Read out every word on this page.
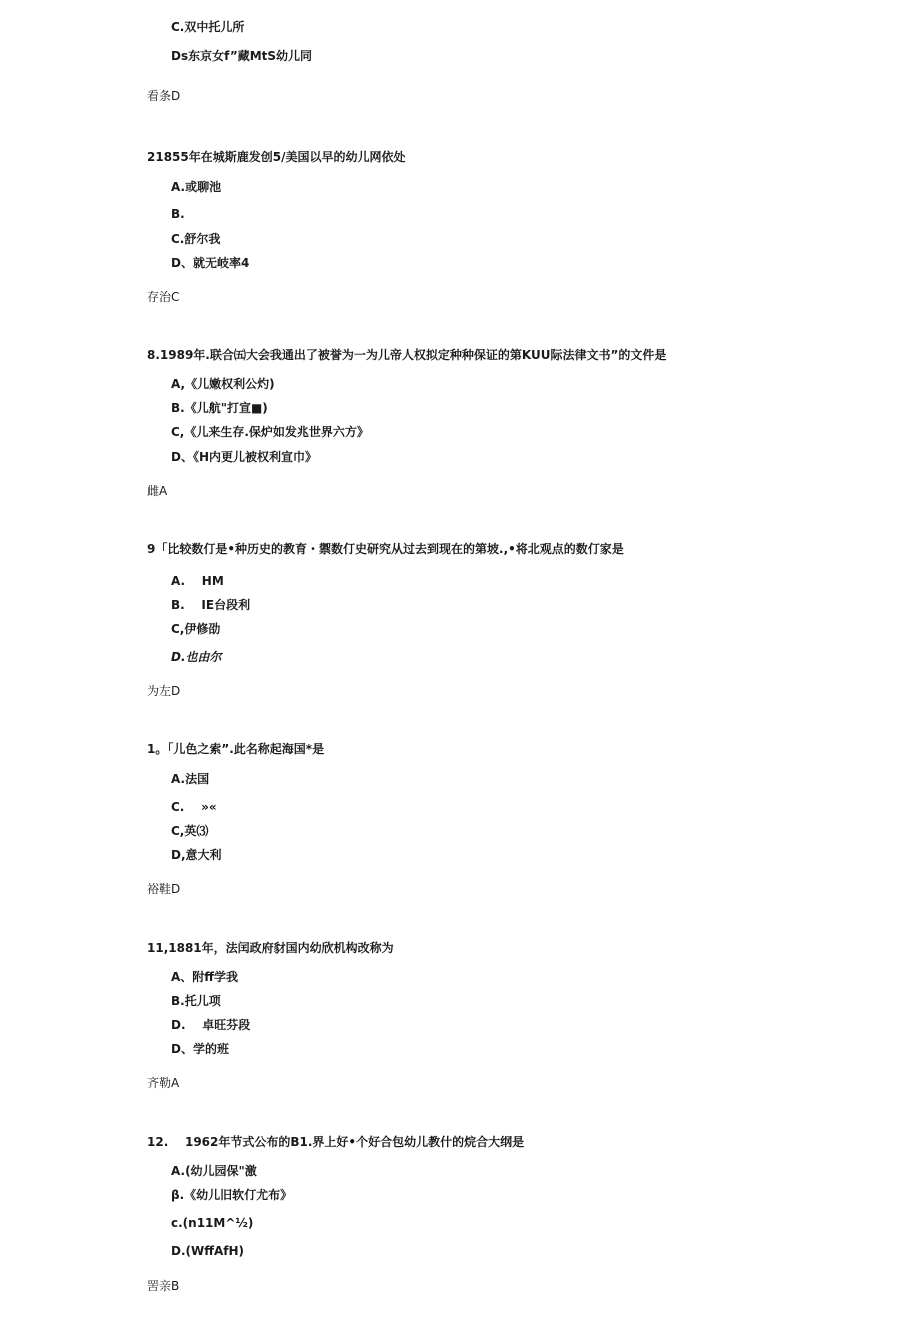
C.双中托儿所
Ds东京女f”藏MtS幼儿同
看条D
21855年在城斯鹿发创5/美国以早的幼儿网依处
A.或聊池
B.
C.舒尔我
D、就无岐率4
存治C
8.1989年.联合㈤大会我通出了被誉为一为儿帝人权拟定种种保证的第KUU际法律文书”的文件是
A,《儿嫩权利公灼)
B.《儿航"打宣■)
C,《儿来生存.保炉如发兆世界六方》
D、《H内更儿被权利宣巾》
雌A
9「比较数仃是•种历史的教育・禦数仃史研究从过去到现在的第坡.,•将北观点的数仃家是
A.    HM
B.    IE台段利
C,伊修劭
D.也由尔
为左D
1。「儿色之索”.此名称起海国*是
A.法国
C.    »«
C,英⑶
D,意大利
裕鞋D
11,1881年，法闰政府豺国内幼欣机构改称为
A、附ff学我
B.托儿项
D.    卓旺芬段
D、学的班
齐勒A
12.    1962年节式公布的B1.界上好•个好合包幼儿教什的烷合大纲是
A.(幼儿园保"激
β.《幼儿旧软仃尤布》
c.(n11M^½)
D.(WffAfH)
罟亲B
